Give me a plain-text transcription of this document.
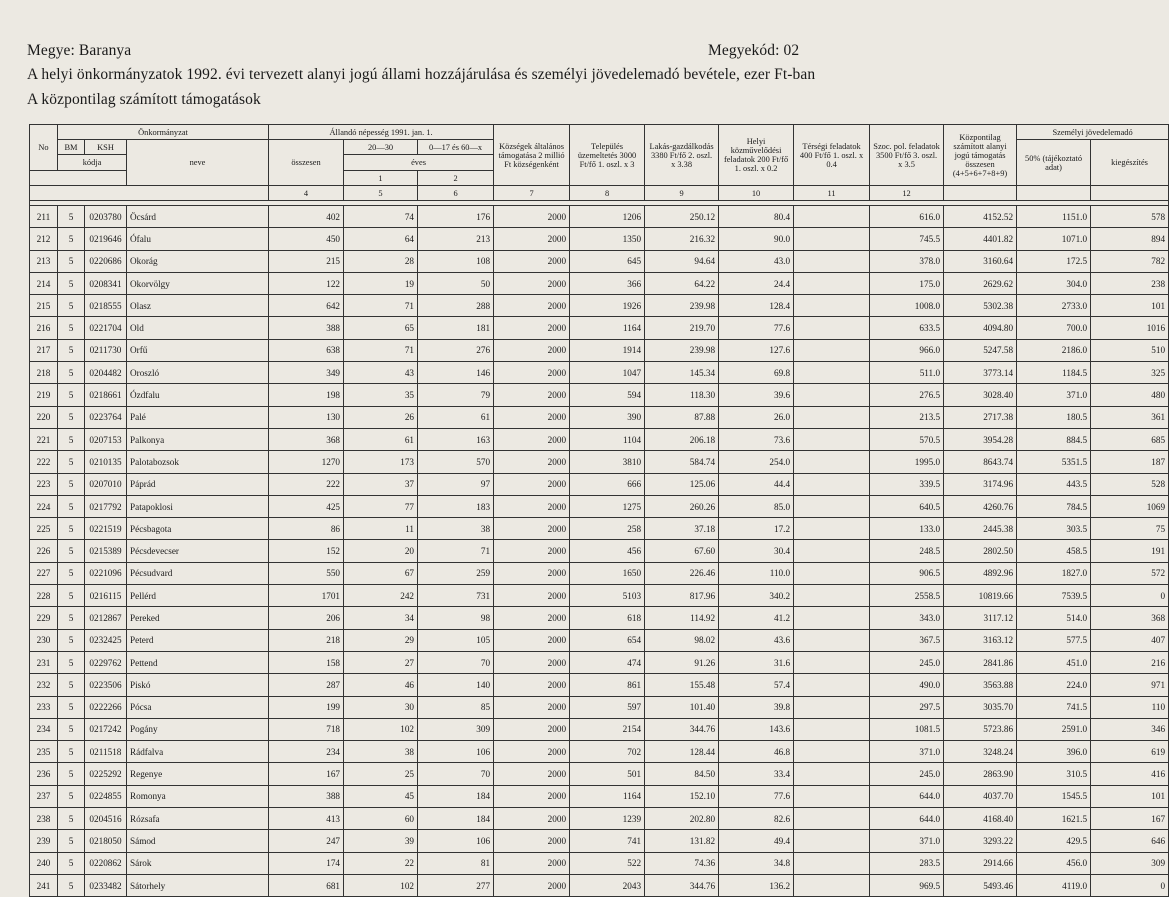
Megye: Baranya	Megyekód: 02
A helyi önkormányzatok 1992. évi tervezett alanyi jogú állami hozzájárulása és személyi jövedelemadó bevétele, ezer Ft-ban
A központilag számított támogatások
No	Önkormányzat			Állandó népesség 1991. jan. 1.			Községek általános támogatása 2 millió Ft községenként	Település üzemeltetés 3000 Ft/fő 1. oszl. x 3	Lakás-gazdálkodás 3380 Ft/fő 2. oszl. x 3.38	Helyi közművelődési feladatok 200 Ft/fő 1. oszl. x 0.2	Térségi feladatok 400 Ft/fő 1. oszl. x 0.4	Szoc. pol. feladatok 3500 Ft/fő 3. oszl. x 3.5	Központilag számított alanyi jogú támogatás összesen (4+5+6+7+8+9)	Személyi jövedelemadó		
	BM	KSH	neve	összesen	20—30	0—17 és 60—x								50% (tájékoztató adat)	kiegészítés	
	kódja				éves											
					1	2	
				4	5	6	7	8	9	10	11	12				

211	5	0203780	Öcsárd	402	74	176	2000	1206	250.12	80.4		616.0	4152.52	1151.0	578	
212	5	0219646	Ófalu	450	64	213	2000	1350	216.32	90.0		745.5	4401.82	1071.0	894	
213	5	0220686	Okorág	215	28	108	2000	645	94.64	43.0		378.0	3160.64	172.5	782	
214	5	0208341	Okorvölgy	122	19	50	2000	366	64.22	24.4		175.0	2629.62	304.0	238	
215	5	0218555	Olasz	642	71	288	2000	1926	239.98	128.4		1008.0	5302.38	2733.0	101	
216	5	0221704	Old	388	65	181	2000	1164	219.70	77.6		633.5	4094.80	700.0	1016	
217	5	0211730	Orfű	638	71	276	2000	1914	239.98	127.6		966.0	5247.58	2186.0	510	
218	5	0204482	Oroszló	349	43	146	2000	1047	145.34	69.8		511.0	3773.14	1184.5	325	
219	5	0218661	Ózdfalu	198	35	79	2000	594	118.30	39.6		276.5	3028.40	371.0	480	
220	5	0223764	Palé	130	26	61	2000	390	87.88	26.0		213.5	2717.38	180.5	361	
221	5	0207153	Palkonya	368	61	163	2000	1104	206.18	73.6		570.5	3954.28	884.5	685	
222	5	0210135	Palotabozsok	1270	173	570	2000	3810	584.74	254.0		1995.0	8643.74	5351.5	187	
223	5	0207010	Páprád	222	37	97	2000	666	125.06	44.4		339.5	3174.96	443.5	528	
224	5	0217792	Patapoklosi	425	77	183	2000	1275	260.26	85.0		640.5	4260.76	784.5	1069	
225	5	0221519	Pécsbagota	86	11	38	2000	258	37.18	17.2		133.0	2445.38	303.5	75	
226	5	0215389	Pécsdevecser	152	20	71	2000	456	67.60	30.4		248.5	2802.50	458.5	191	
227	5	0221096	Pécsudvard	550	67	259	2000	1650	226.46	110.0		906.5	4892.96	1827.0	572	
228	5	0216115	Pellérd	1701	242	731	2000	5103	817.96	340.2		2558.5	10819.66	7539.5	0	
229	5	0212867	Pereked	206	34	98	2000	618	114.92	41.2		343.0	3117.12	514.0	368	
230	5	0232425	Peterd	218	29	105	2000	654	98.02	43.6		367.5	3163.12	577.5	407	
231	5	0229762	Pettend	158	27	70	2000	474	91.26	31.6		245.0	2841.86	451.0	216	
232	5	0223506	Piskó	287	46	140	2000	861	155.48	57.4		490.0	3563.88	224.0	971	
233	5	0222266	Pócsa	199	30	85	2000	597	101.40	39.8		297.5	3035.70	741.5	110	
234	5	0217242	Pogány	718	102	309	2000	2154	344.76	143.6		1081.5	5723.86	2591.0	346	
235	5	0211518	Rádfalva	234	38	106	2000	702	128.44	46.8		371.0	3248.24	396.0	619	
236	5	0225292	Regenye	167	25	70	2000	501	84.50	33.4		245.0	2863.90	310.5	416	
237	5	0224855	Romonya	388	45	184	2000	1164	152.10	77.6		644.0	4037.70	1545.5	101	
238	5	0204516	Rózsafa	413	60	184	2000	1239	202.80	82.6		644.0	4168.40	1621.5	167	
239	5	0218050	Sámod	247	39	106	2000	741	131.82	49.4		371.0	3293.22	429.5	646	
240	5	0220862	Sárok	174	22	81	2000	522	74.36	34.8		283.5	2914.66	456.0	309	
241	5	0233482	Sátorhely	681	102	277	2000	2043	344.76	136.2		969.5	5493.46	4119.0	0	
